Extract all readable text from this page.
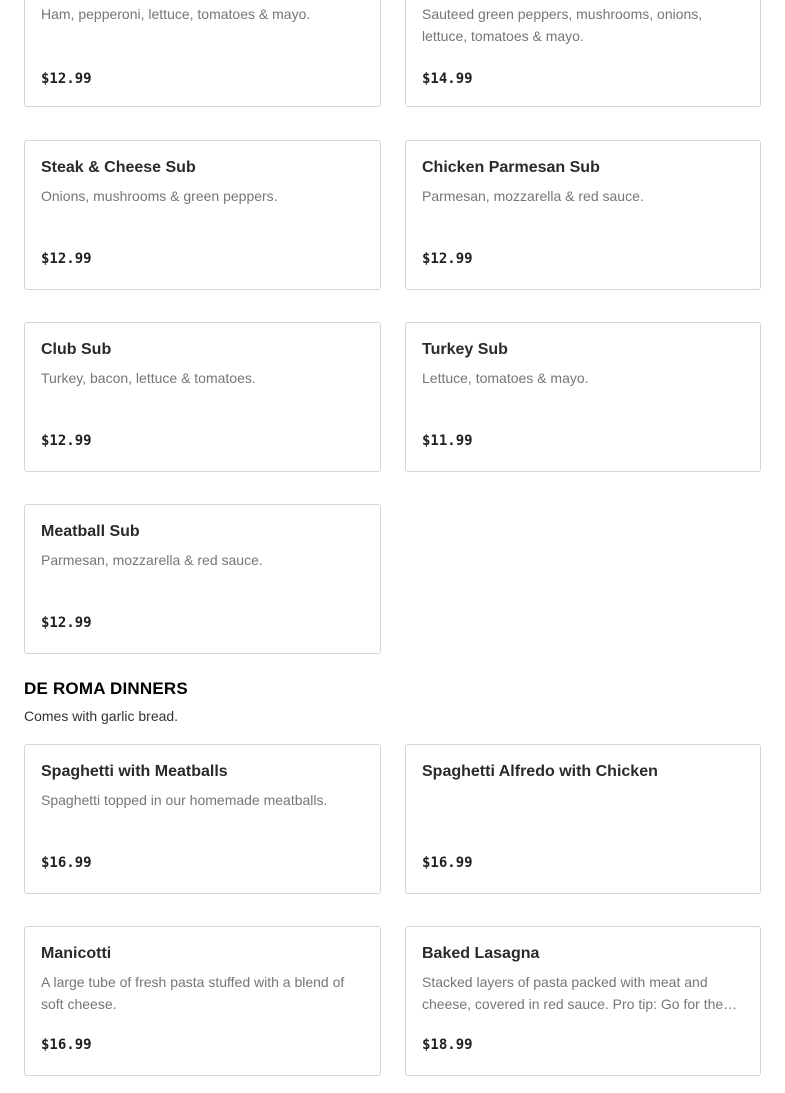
Ham, pepperoni, lettuce, tomatoes & mayo.
$12.99
Sauteed green peppers, mushrooms, onions, lettuce, tomatoes & mayo.
$14.99
Steak & Cheese Sub
Onions, mushrooms & green peppers.
$12.99
Chicken Parmesan Sub
Parmesan, mozzarella & red sauce.
$12.99
Club Sub
Turkey, bacon, lettuce & tomatoes.
$12.99
Turkey Sub
Lettuce, tomatoes & mayo.
$11.99
Meatball Sub
Parmesan, mozzarella & red sauce.
$12.99
DE ROMA DINNERS
Comes with garlic bread.
Spaghetti with Meatballs
Spaghetti topped in our homemade meatballs.
$16.99
Spaghetti Alfredo with Chicken
$16.99
Manicotti
A large tube of fresh pasta stuffed with a blend of soft cheese.
$16.99
Baked Lasagna
Stacked layers of pasta packed with meat and cheese, covered in red sauce. Pro tip: Go for the…
$18.99
